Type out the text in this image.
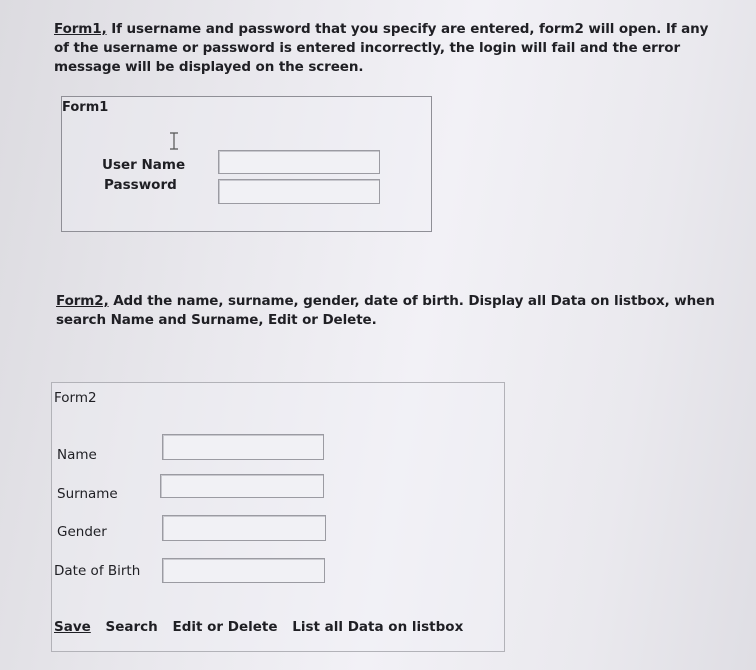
Form1, If username and password that you specify are entered, form2 will open. If any of the username or password is entered incorrectly, the login will fail and the error message will be displayed on the screen.

Form1
User Name
Password

Form2, Add the name, surname, gender, date of birth. Display all Data on listbox, when search Name and Surname, Edit or Delete.

Form2
Name
Surname
Gender
Date of Birth
Save Search Edit or Delete List all Data on listbox
